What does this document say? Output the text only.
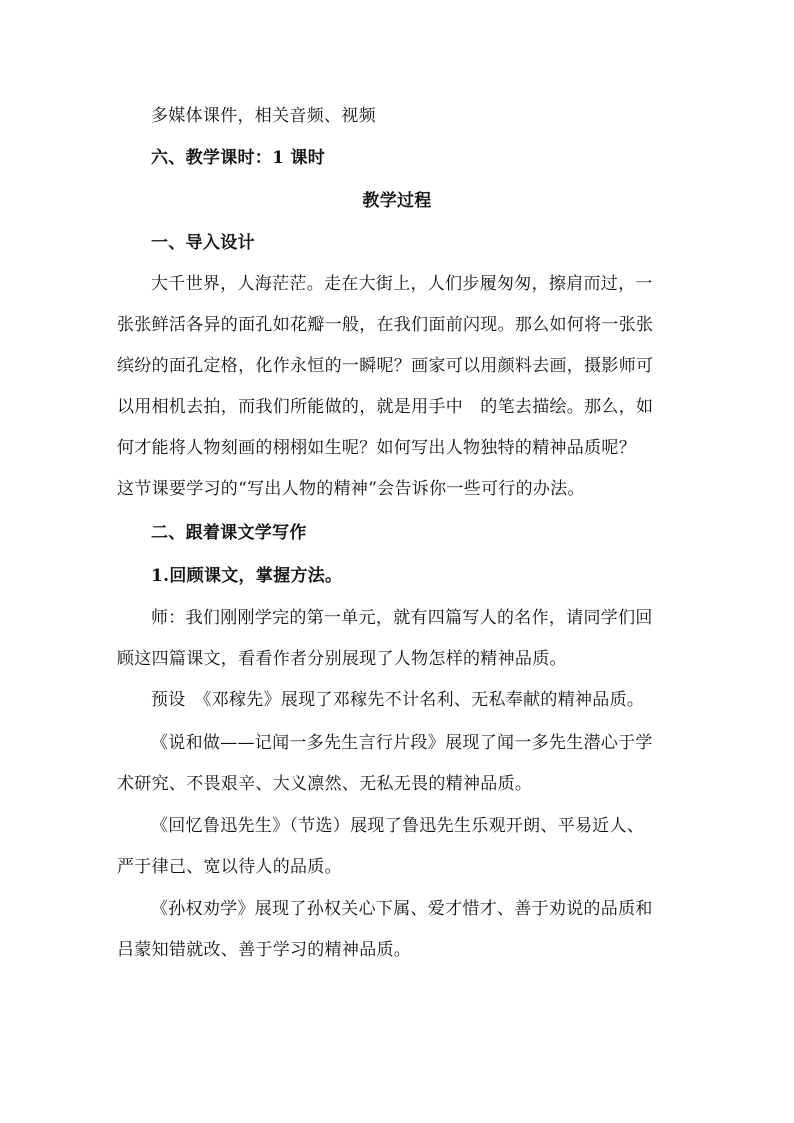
多媒体课件，相关音频、视频
六、教学课时：1 课时
教学过程
一、导入设计
大千世界，人海茫茫。走在大街上，人们步履匆匆，擦肩而过，一
张张鲜活各异的面孔如花瓣一般，在我们面前闪现。那么如何将一张张
缤纷的面孔定格，化作永恒的一瞬呢？画家可以用颜料去画，摄影师可
以用相机去拍，而我们所能做的，就是用手中　的笔去描绘。那么，如
何才能将人物刻画的栩栩如生呢？如何写出人物独特的精神品质呢？
这节课要学习的“写出人物的精神”会告诉你一些可行的办法。
二、跟着课文学写作
1.回顾课文，掌握方法。
师：我们刚刚学完的第一单元，就有四篇写人的名作，请同学们回
顾这四篇课文，看看作者分别展现了人物怎样的精神品质。
预设　《邓稼先》展现了邓稼先不计名利、无私奉献的精神品质。
《说和做——记闻一多先生言行片段》展现了闻一多先生潜心于学
术研究、不畏艰辛、大义凛然、无私无畏的精神品质。
《回忆鲁迅先生》（节选）展现了鲁迅先生乐观开朗、平易近人、
严于律己、宽以待人的品质。
《孙权劝学》展现了孙权关心下属、爱才惜才、善于劝说的品质和
吕蒙知错就改、善于学习的精神品质。
